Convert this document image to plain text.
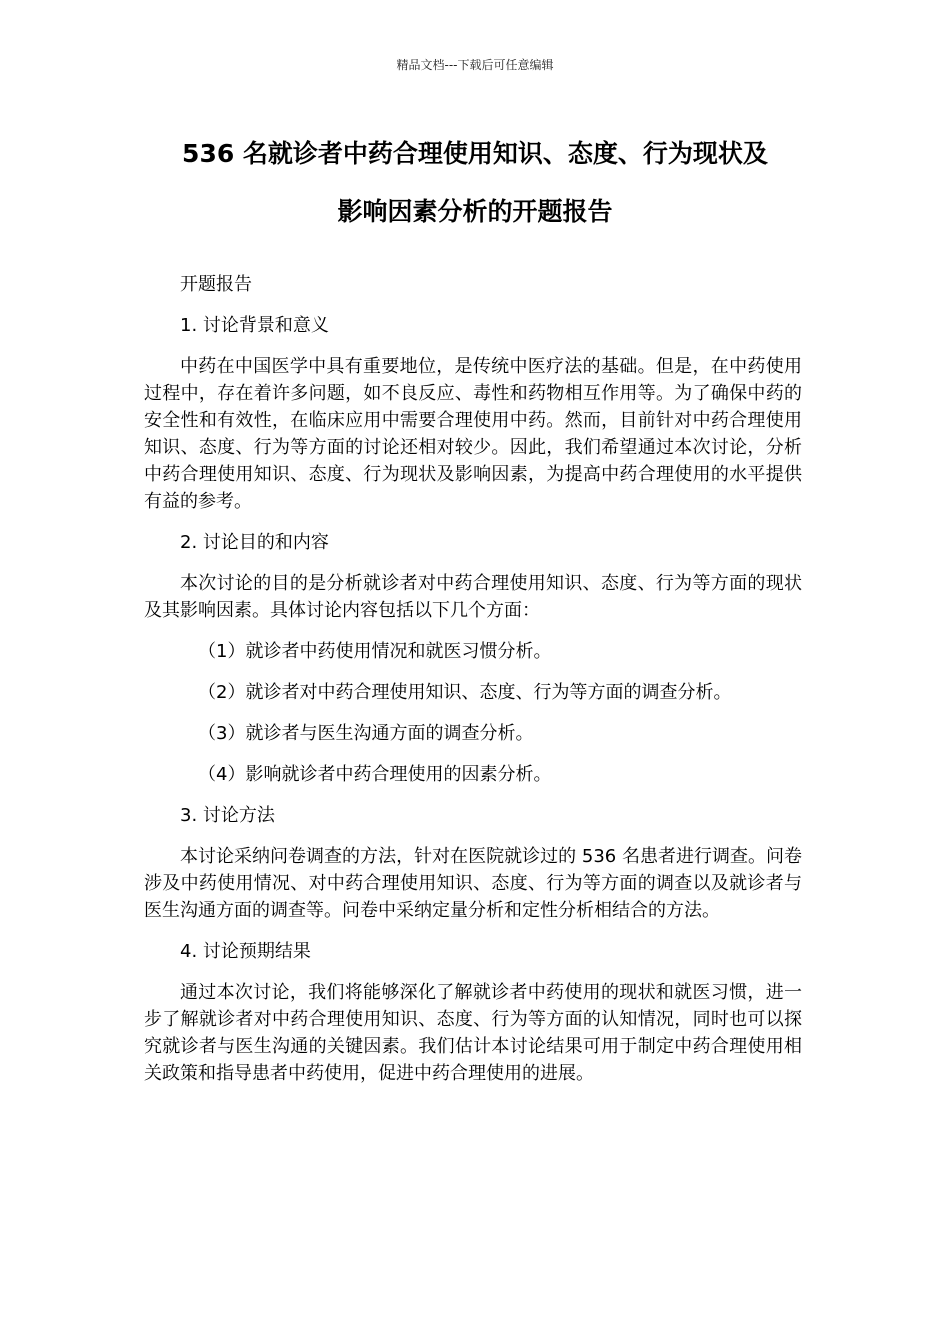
精品文档---下载后可任意编辑
536 名就诊者中药合理使用知识、态度、行为现状及
影响因素分析的开题报告

开题报告

1. 讨论背景和意义

中药在中国医学中具有重要地位，是传统中医疗法的基础。但是，在中药使用过程中，存在着许多问题，如不良反应、毒性和药物相互作用等。为了确保中药的安全性和有效性，在临床应用中需要合理使用中药。然而，目前针对中药合理使用知识、态度、行为等方面的讨论还相对较少。因此，我们希望通过本次讨论，分析中药合理使用知识、态度、行为现状及影响因素，为提高中药合理使用的水平提供有益的参考。

2. 讨论目的和内容

本次讨论的目的是分析就诊者对中药合理使用知识、态度、行为等方面的现状及其影响因素。具体讨论内容包括以下几个方面：

（1）就诊者中药使用情况和就医习惯分析。

（2）就诊者对中药合理使用知识、态度、行为等方面的调查分析。

（3）就诊者与医生沟通方面的调查分析。

（4）影响就诊者中药合理使用的因素分析。

3. 讨论方法

本讨论采纳问卷调查的方法，针对在医院就诊过的 536 名患者进行调查。问卷涉及中药使用情况、对中药合理使用知识、态度、行为等方面的调查以及就诊者与医生沟通方面的调查等。问卷中采纳定量分析和定性分析相结合的方法。

4. 讨论预期结果

通过本次讨论，我们将能够深化了解就诊者中药使用的现状和就医习惯，进一步了解就诊者对中药合理使用知识、态度、行为等方面的认知情况，同时也可以探究就诊者与医生沟通的关键因素。我们估计本讨论结果可用于制定中药合理使用相关政策和指导患者中药使用，促进中药合理使用的进展。
